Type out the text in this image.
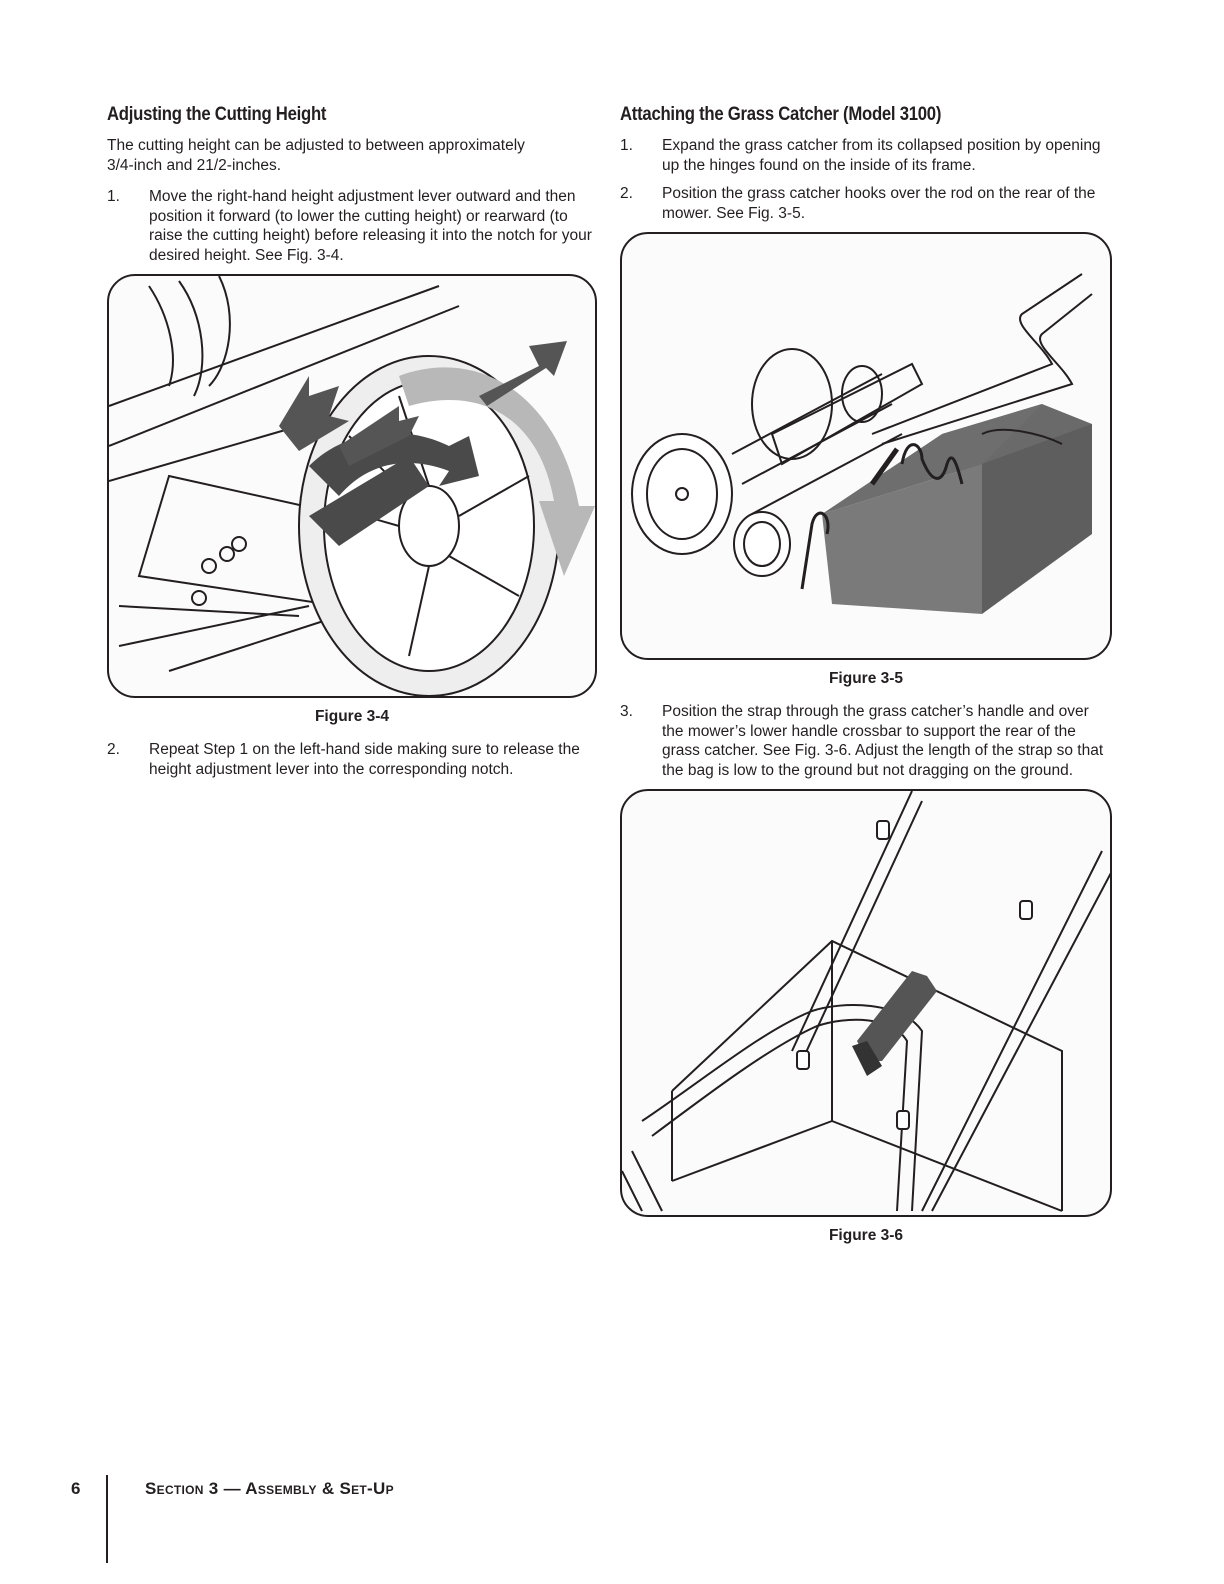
Adjusting the Cutting Height

The cutting height can be adjusted to between approximately

3/4-inch and 21/2-inches.

1.	Move the right-hand height adjustment lever outward and then position it forward (to lower the cutting height) or rearward (to raise the cutting height) before releasing it into the notch for your desired height. See Fig. 3-4.
Figure 3-4
2.	Repeat Step 1 on the left-hand side making sure to release the height adjustment lever into the corresponding notch.
Attaching the Grass Catcher (Model 3100)
1.	Expand the grass catcher from its collapsed position by opening up the hinges found on the inside of its frame.
2.	Position the grass catcher hooks over the rod on the rear of the mower. See Fig. 3-5.
Figure 3-5
3.	Position the strap through the grass catcher’s handle and over the mower’s lower handle crossbar to support the rear of the grass catcher. See Fig. 3-6. Adjust the length of the strap so that the bag is low to the ground but not dragging on the ground.
Figure 3-6
6	Section 3 — Assembly & Set-Up
